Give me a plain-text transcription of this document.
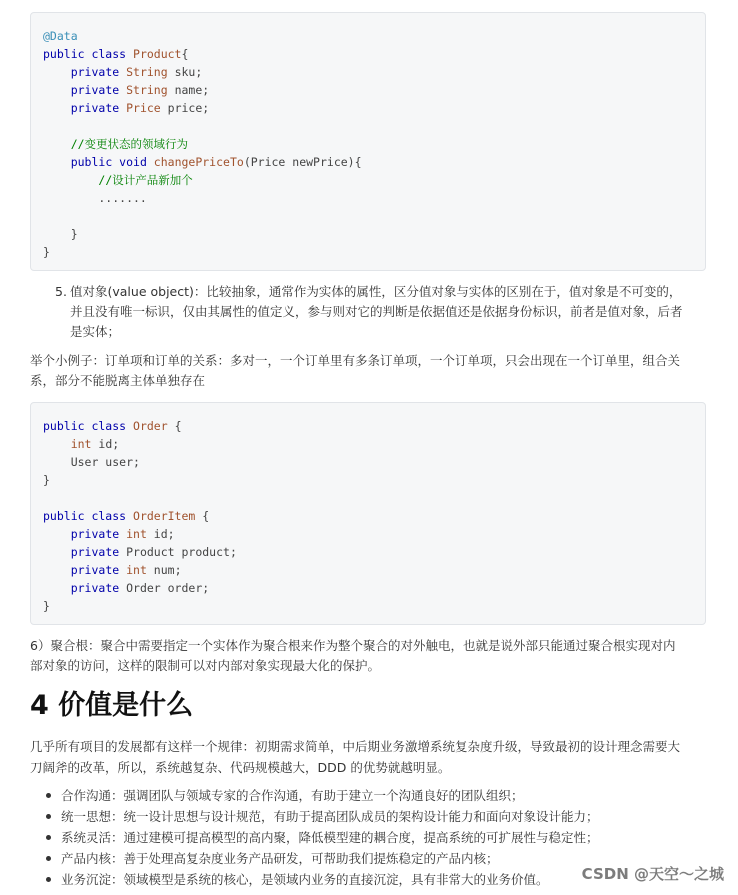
@Data
public class Product{
private String sku;
private String name;
private Price price;
//变更状态的领域行为
public void changePriceTo(Price newPrice){
//设计产品新加个
.......
}
}
5. 值对象(value object)：比较抽象，通常作为实体的属性，区分值对象与实体的区别在于，值对象是不可变的，
并且没有唯一标识，仅由其属性的值定义，参与则对它的判断是依据值还是依据身份标识，前者是值对象，后者
是实体；
举个小例子：订单项和订单的关系：多对一，一个订单里有多条订单项，一个订单项，只会出现在一个订单里，组合关
系，部分不能脱离主体单独存在
public class Order {
int id;
User user;
}
public class OrderItem {
private int id;
private Product product;
private int num;
private Order order;
}
6）聚合根：聚合中需要指定一个实体作为聚合根来作为整个聚合的对外触电，也就是说外部只能通过聚合根实现对内
部对象的访问，这样的限制可以对内部对象实现最大化的保护。
4 价值是什么
几乎所有项目的发展都有这样一个规律：初期需求简单，中后期业务激增系统复杂度升级，导致最初的设计理念需要大
刀阔斧的改革，所以，系统越复杂、代码规模越大，DDD 的优势就越明显。
合作沟通：强调团队与领域专家的合作沟通，有助于建立一个沟通良好的团队组织；
统一思想：统一设计思想与设计规范，有助于提高团队成员的架构设计能力和面向对象设计能力；
系统灵活：通过建模可提高模型的高内聚，降低模型建的耦合度，提高系统的可扩展性与稳定性；
产品内核：善于处理高复杂度业务产品研发，可帮助我们提炼稳定的产品内核；
业务沉淀：领域模型是系统的核心，是领域内业务的直接沉淀，具有非常大的业务价值。	CSDN @天空～之城
